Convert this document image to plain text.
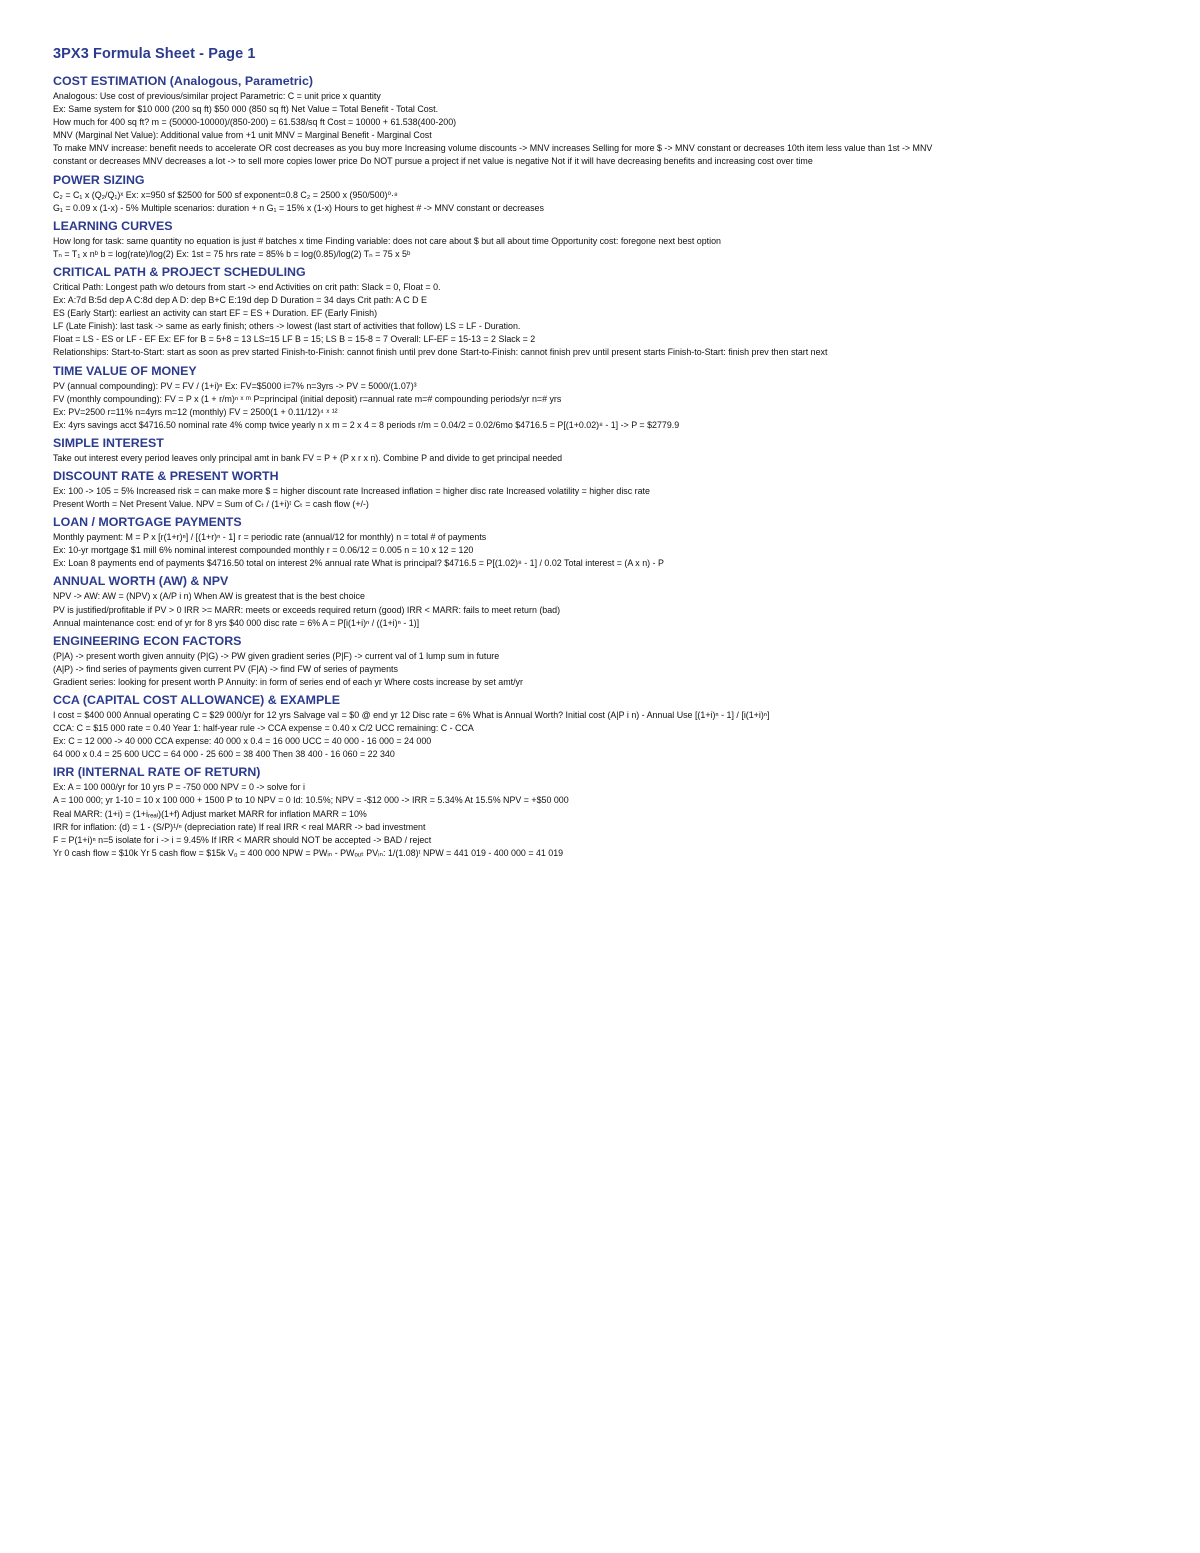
3PX3 Formula Sheet - Page 1
COST ESTIMATION (Analogous, Parametric)
Analogous: Use cost of previous/similar project Parametric: C = unit price x quantity
Ex: Same system for $10 000 (200 sq ft) $50 000 (850 sq ft) Net Value = Total Benefit - Total Cost.
How much for 400 sq ft? m = (50000-10000)/(850-200) = 61.538/sq ft Cost = 10000 + 61.538(400-200)
MNV (Marginal Net Value): Additional value from +1 unit MNV = Marginal Benefit - Marginal Cost
To make MNV increase: benefit needs to accelerate OR cost decreases as you buy more Increasing volume discounts -> MNV increases Selling for more $ -> MNV constant or decreases 10th item less value than 1st -> MNV
constant or decreases MNV decreases a lot -> to sell more copies lower price Do NOT pursue a project if net value is negative Not if it will have decreasing benefits and increasing cost over time
POWER SIZING
C₂ = C₁ x (Q₂/Q₁)ˣ Ex: x=950 sf $2500 for 500 sf exponent=0.8 C₂ = 2500 x (950/500)⁰·⁸
G₁ = 0.09 x (1-x) - 5% Multiple scenarios: duration + n G₁ = 15% x (1-x) Hours to get highest # -> MNV constant or decreases
LEARNING CURVES
How long for task: same quantity no equation is just # batches x time Finding variable: does not care about $ but all about time Opportunity cost: foregone next best option
Tₙ = T₁ x nᵇ b = log(rate)/log(2) Ex: 1st = 75 hrs rate = 85% b = log(0.85)/log(2) Tₙ = 75 x 5ᵇ
CRITICAL PATH & PROJECT SCHEDULING
Critical Path: Longest path w/o detours from start -> end Activities on crit path: Slack = 0, Float = 0.
Ex: A:7d B:5d dep A C:8d dep A D: dep B+C E:19d dep D Duration = 34 days Crit path: A C D E
ES (Early Start): earliest an activity can start EF = ES + Duration. EF (Early Finish)
LF (Late Finish): last task -> same as early finish; others -> lowest (last start of activities that follow) LS = LF - Duration.
Float = LS - ES or LF - EF Ex: EF for B = 5+8 = 13 LS=15 LF B = 15; LS B = 15-8 = 7 Overall: LF-EF = 15-13 = 2 Slack = 2
Relationships: Start-to-Start: start as soon as prev started Finish-to-Finish: cannot finish until prev done Start-to-Finish: cannot finish prev until present starts Finish-to-Start: finish prev then start next
TIME VALUE OF MONEY
PV (annual compounding): PV = FV / (1+i)ⁿ Ex: FV=$5000 i=7% n=3yrs -> PV = 5000/(1.07)³
FV (monthly compounding): FV = P x (1 + r/m)ⁿ ˣ ᵐ P=principal (initial deposit) r=annual rate m=# compounding periods/yr n=# yrs
Ex: PV=2500 r=11% n=4yrs m=12 (monthly) FV = 2500(1 + 0.11/12)⁴ ˣ ¹²
Ex: 4yrs savings acct $4716.50 nominal rate 4% comp twice yearly n x m = 2 x 4 = 8 periods r/m = 0.04/2 = 0.02/6mo $4716.5 = P[(1+0.02)⁸ - 1] -> P = $2779.9
SIMPLE INTEREST
Take out interest every period leaves only principal amt in bank FV = P + (P x r x n). Combine P and divide to get principal needed
DISCOUNT RATE & PRESENT WORTH
Ex: 100 -> 105 = 5% Increased risk = can make more $ = higher discount rate Increased inflation = higher disc rate Increased volatility = higher disc rate
Present Worth = Net Present Value. NPV = Sum of Cₜ / (1+i)ᵗ Cₜ = cash flow (+/-)
LOAN / MORTGAGE PAYMENTS
Monthly payment: M = P x [r(1+r)ⁿ] / [(1+r)ⁿ - 1] r = periodic rate (annual/12 for monthly) n = total # of payments
Ex: 10-yr mortgage $1 mill 6% nominal interest compounded monthly r = 0.06/12 = 0.005 n = 10 x 12 = 120
Ex: Loan 8 payments end of payments $4716.50 total on interest 2% annual rate What is principal? $4716.5 = P[(1.02)⁸ - 1] / 0.02 Total interest = (A x n) - P
ANNUAL WORTH (AW) & NPV
NPV -> AW: AW = (NPV) x (A/P i n) When AW is greatest that is the best choice
PV is justified/profitable if PV > 0 IRR >= MARR: meets or exceeds required return (good) IRR < MARR: fails to meet return (bad)
Annual maintenance cost: end of yr for 8 yrs $40 000 disc rate = 6% A = P[i(1+i)ⁿ / ((1+i)ⁿ - 1)]
ENGINEERING ECON FACTORS
(P|A) -> present worth given annuity (P|G) -> PW given gradient series (P|F) -> current val of 1 lump sum in future
(A|P) -> find series of payments given current PV (F|A) -> find FW of series of payments
Gradient series: looking for present worth P Annuity: in form of series end of each yr Where costs increase by set amt/yr
CCA (CAPITAL COST ALLOWANCE) & EXAMPLE
I cost = $400 000 Annual operating C = $29 000/yr for 12 yrs Salvage val = $0 @ end yr 12 Disc rate = 6% What is Annual Worth? Initial cost (A|P i n) - Annual Use [(1+i)ⁿ - 1] / [i(1+i)ⁿ]
CCA: C = $15 000 rate = 0.40 Year 1: half-year rule -> CCA expense = 0.40 x C/2 UCC remaining: C - CCA
Ex: C = 12 000 -> 40 000 CCA expense: 40 000 x 0.4 = 16 000 UCC = 40 000 - 16 000 = 24 000
64 000 x 0.4 = 25 600 UCC = 64 000 - 25 600 = 38 400 Then 38 400 - 16 060 = 22 340
IRR (INTERNAL RATE OF RETURN)
Ex: A = 100 000/yr for 10 yrs P = -750 000 NPV = 0 -> solve for i
A = 100 000; yr 1-10 = 10 x 100 000 + 1500 P to 10 NPV = 0 Id: 10.5%; NPV = -$12 000 -> IRR = 5.34% At 15.5% NPV = +$50 000
Real MARR: (1+i) = (1+iᵣₑₐₗ)(1+f) Adjust market MARR for inflation MARR = 10%
IRR for inflation: (d) = 1 - (S/P)¹/ⁿ (depreciation rate) If real IRR < real MARR -> bad investment
F = P(1+i)ⁿ n=5 isolate for i -> i = 9.45% If IRR < MARR should NOT be accepted -> BAD / reject
Yr 0 cash flow = $10k Yr 5 cash flow = $15k V₀ = 400 000 NPW = PWᵢₙ - PWₒᵤₜ PVᵢₙ: 1/(1.08)ᵗ NPW = 441 019 - 400 000 = 41 019
